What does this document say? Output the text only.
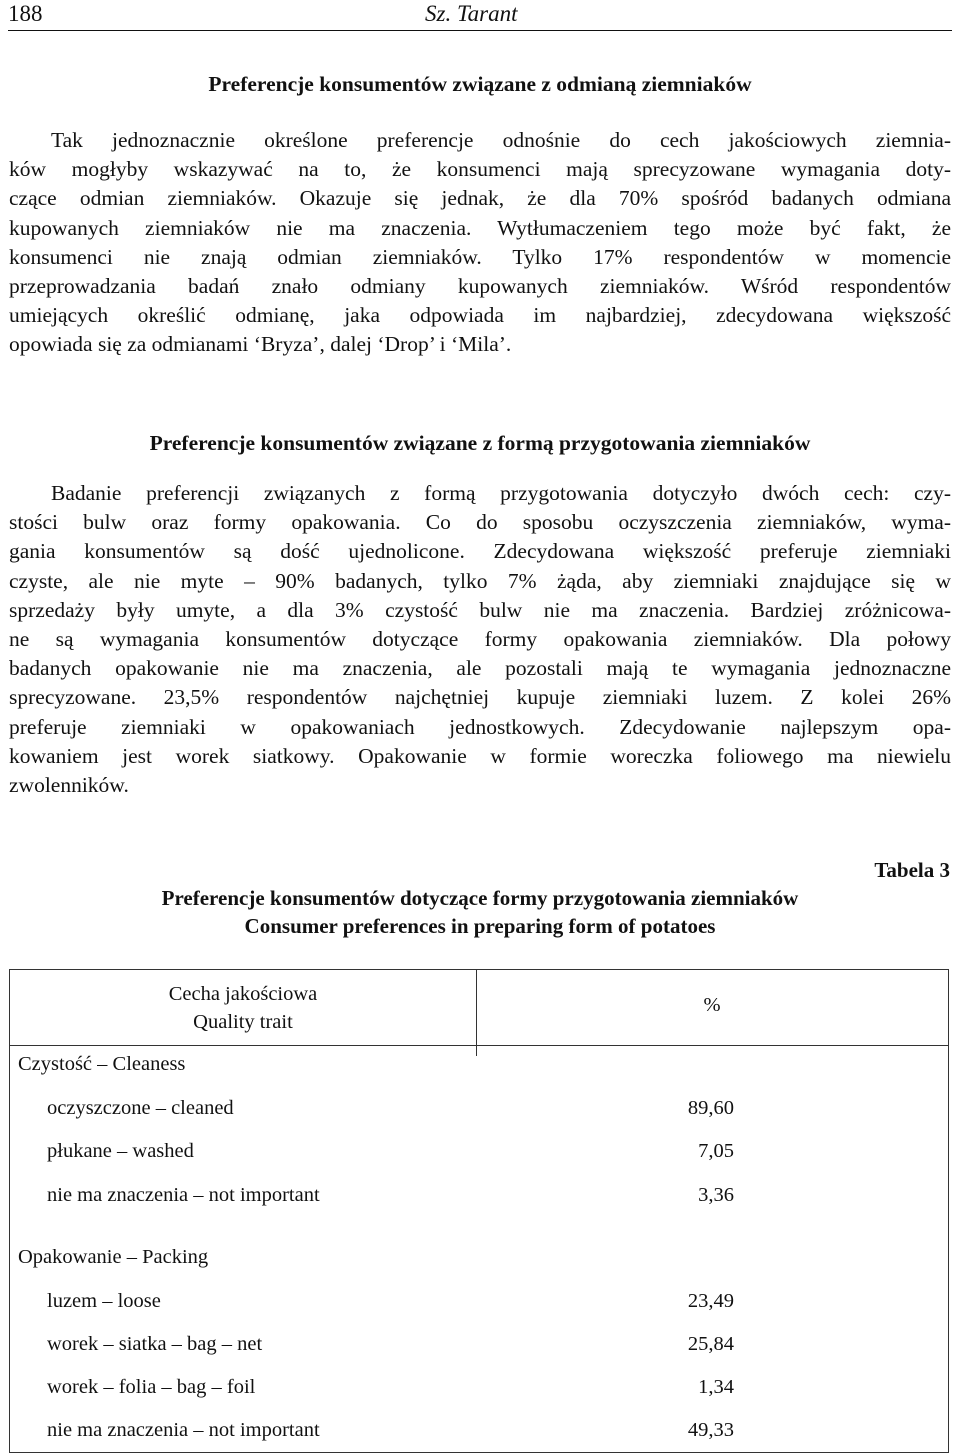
188	Sz. Tarant
Preferencje konsumentów związane z odmianą ziemniaków

Tak jednoznacznie określone preferencje odnośnie do cech jakościowych ziemnia-
ków mogłyby wskazywać na to, że konsumenci mają sprecyzowane wymagania doty-
czące odmian ziemniaków. Okazuje się jednak, że dla 70% spośród badanych odmiana
kupowanych ziemniaków nie ma znaczenia. Wytłumaczeniem tego może być fakt, że
konsumenci nie znają odmian ziemniaków. Tylko 17% respondentów w momencie
przeprowadzania badań znało odmiany kupowanych ziemniaków. Wśród respondentów
umiejących określić odmianę, jaka odpowiada im najbardziej, zdecydowana większość
opowiada się za odmianami ‘Bryza’, dalej ‘Drop’ i ‘Mila’.

Preferencje konsumentów związane z formą przygotowania ziemniaków

Badanie preferencji związanych z formą przygotowania dotyczyło dwóch cech: czy-
stości bulw oraz formy opakowania. Co do sposobu oczyszczenia ziemniaków, wyma-
gania konsumentów są dość ujednolicone. Zdecydowana większość preferuje ziemniaki
czyste, ale nie myte – 90% badanych, tylko 7% żąda, aby ziemniaki znajdujące się w
sprzedaży były umyte, a dla 3% czystość bulw nie ma znaczenia. Bardziej zróżnicowa-
ne są wymagania konsumentów dotyczące formy opakowania ziemniaków. Dla połowy
badanych opakowanie nie ma znaczenia, ale pozostali mają te wymagania jednoznaczne
sprecyzowane. 23,5% respondentów najchętniej kupuje ziemniaki luzem. Z kolei 26%
preferuje ziemniaki w opakowaniach jednostkowych. Zdecydowanie najlepszym opa-
kowaniem jest worek siatkowy. Opakowanie w formie woreczka foliowego ma niewielu
zwolenników.

Tabela 3
Preferencje konsumentów dotyczące formy przygotowania ziemniaków
Consumer preferences in preparing form of potatoes
Cecha jakościowa
Quality trait
%
Czystość – Cleaness
oczyszczone – cleaned	89,60
płukane – washed	7,05
nie ma znaczenia – not important	3,36
Opakowanie – Packing
luzem – loose	23,49
worek – siatka – bag – net	25,84
worek – folia – bag – foil	1,34
nie ma znaczenia – not important	49,33
